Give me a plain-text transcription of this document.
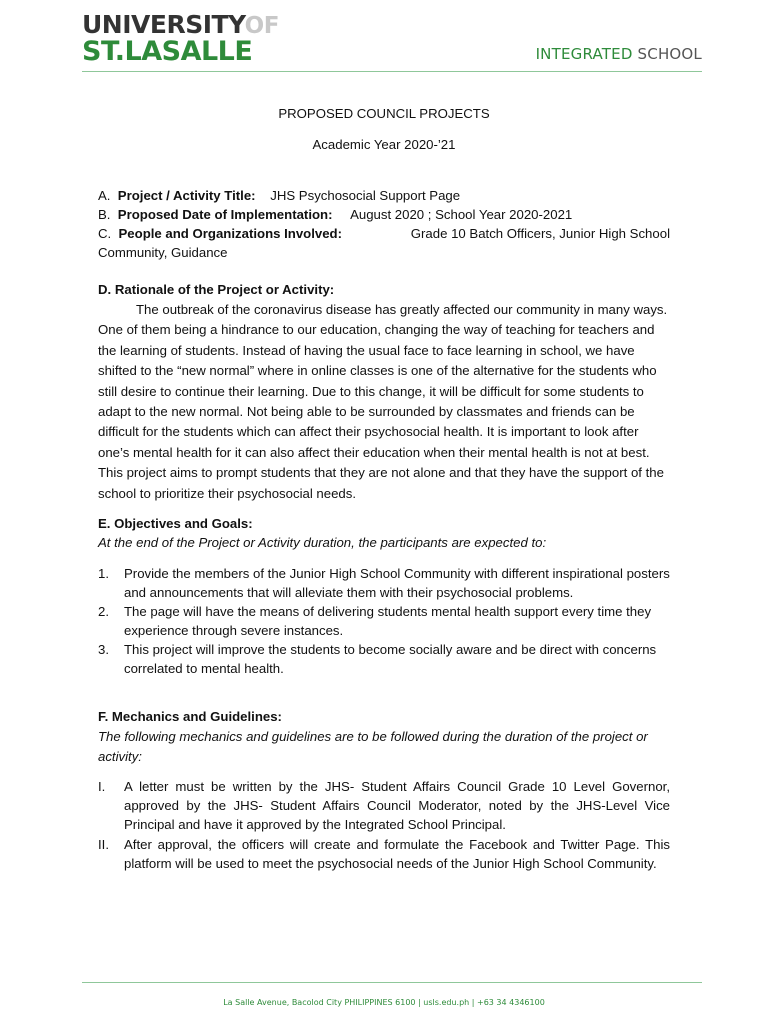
UNIVERSITYOF
ST.LASALLE	INTEGRATED SCHOOL
PROPOSED COUNCIL PROJECTS
Academic Year 2020-’21
A. Project / Activity Title: JHS Psychosocial Support Page
B. Proposed Date of Implementation: August 2020 ; School Year 2020-2021
C. People and Organizations Involved:	Grade 10 Batch Officers, Junior High School
Community, Guidance
D. Rationale of the Project or Activity:
The outbreak of the coronavirus disease has greatly affected our community in many ways. One of them being a hindrance to our education, changing the way of teaching for teachers and the learning of students. Instead of having the usual face to face learning in school, we have shifted to the “new normal” where in online classes is one of the alternative for the students who still desire to continue their learning. Due to this change, it will be difficult for some students to adapt to the new normal. Not being able to be surrounded by classmates and friends can be difficult for the students which can affect their psychosocial health. It is important to look after one’s mental health for it can also affect their education when their mental health is not at best. This project aims to prompt students that they are not alone and that they have the support of the school to prioritize their psychosocial needs.
E. Objectives and Goals:
At the end of the Project or Activity duration, the participants are expected to:
1.	Provide the members of the Junior High School Community with different inspirational posters and announcements that will alleviate them with their psychosocial problems.
2.	The page will have the means of delivering students mental health support every time they experience through severe instances.
3.	This project will improve the students to become socially aware and be direct with concerns correlated to mental health.
F. Mechanics and Guidelines:
The following mechanics and guidelines are to be followed during the duration of the project or activity:
I.	A letter must be written by the JHS- Student Affairs Council Grade 10 Level Governor, approved by the JHS- Student Affairs Council Moderator, noted by the JHS-Level Vice Principal and have it approved by the Integrated School Principal.
II.	After approval, the officers will create and formulate the Facebook and Twitter Page. This platform will be used to meet the psychosocial needs of the Junior High School Community.
La Salle Avenue, Bacolod City PHILIPPINES 6100 | usls.edu.ph | +63 34 4346100
